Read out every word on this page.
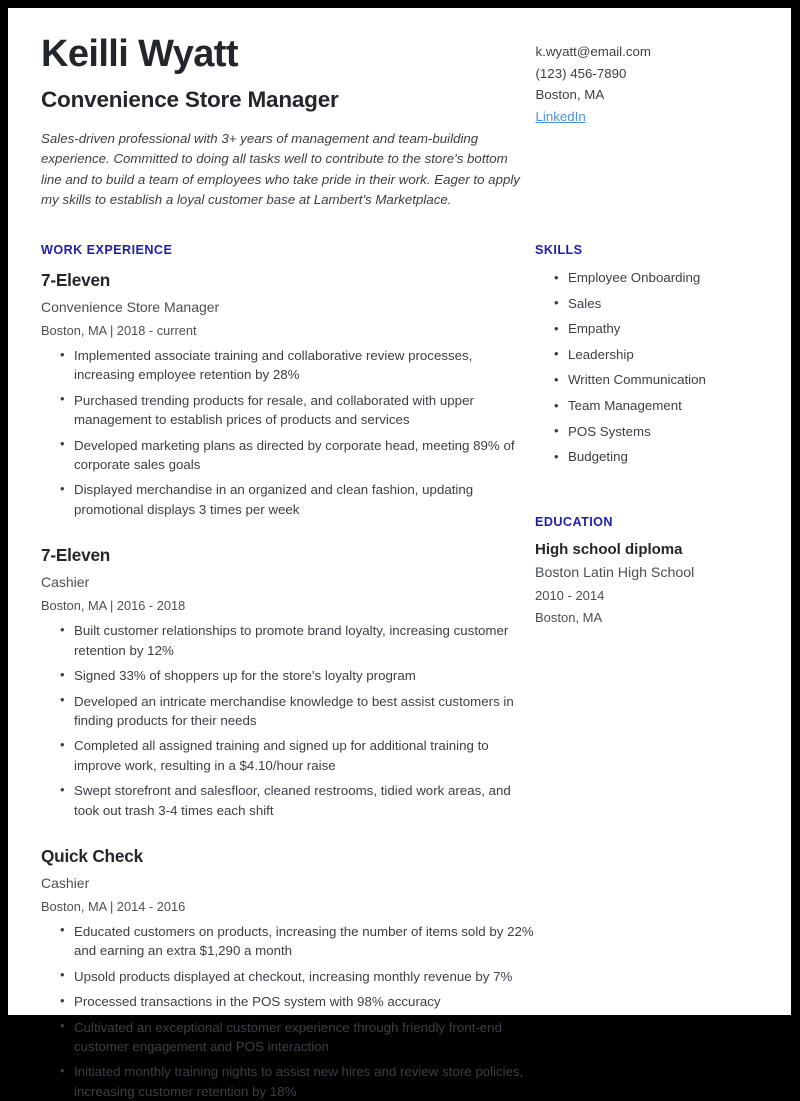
Keilli Wyatt
Convenience Store Manager
Sales-driven professional with 3+ years of management and team-building experience. Committed to doing all tasks well to contribute to the store's bottom line and to build a team of employees who take pride in their work. Eager to apply my skills to establish a loyal customer base at Lambert's Marketplace.
k.wyatt@email.com
(123) 456-7890
Boston, MA
LinkedIn
WORK EXPERIENCE
7-Eleven
Convenience Store Manager
Boston, MA | 2018 - current
• Implemented associate training and collaborative review processes, increasing employee retention by 28%
• Purchased trending products for resale, and collaborated with upper management to establish prices of products and services
• Developed marketing plans as directed by corporate head, meeting 89% of corporate sales goals
• Displayed merchandise in an organized and clean fashion, updating promotional displays 3 times per week
7-Eleven
Cashier
Boston, MA | 2016 - 2018
• Built customer relationships to promote brand loyalty, increasing customer retention by 12%
• Signed 33% of shoppers up for the store's loyalty program
• Developed an intricate merchandise knowledge to best assist customers in finding products for their needs
• Completed all assigned training and signed up for additional training to improve work, resulting in a $4.10/hour raise
• Swept storefront and salesfloor, cleaned restrooms, tidied work areas, and took out trash 3-4 times each shift
Quick Check
Cashier
Boston, MA | 2014 - 2016
• Educated customers on products, increasing the number of items sold by 22% and earning an extra $1,290 a month
• Upsold products displayed at checkout, increasing monthly revenue by 7%
• Processed transactions in the POS system with 98% accuracy
• Cultivated an exceptional customer experience through friendly front-end customer engagement and POS interaction
• Initiated monthly training nights to assist new hires and review store policies, increasing customer retention by 18%
SKILLS
• Employee Onboarding
• Sales
• Empathy
• Leadership
• Written Communication
• Team Management
• POS Systems
• Budgeting
EDUCATION
High school diploma
Boston Latin High School
2010 - 2014
Boston, MA
